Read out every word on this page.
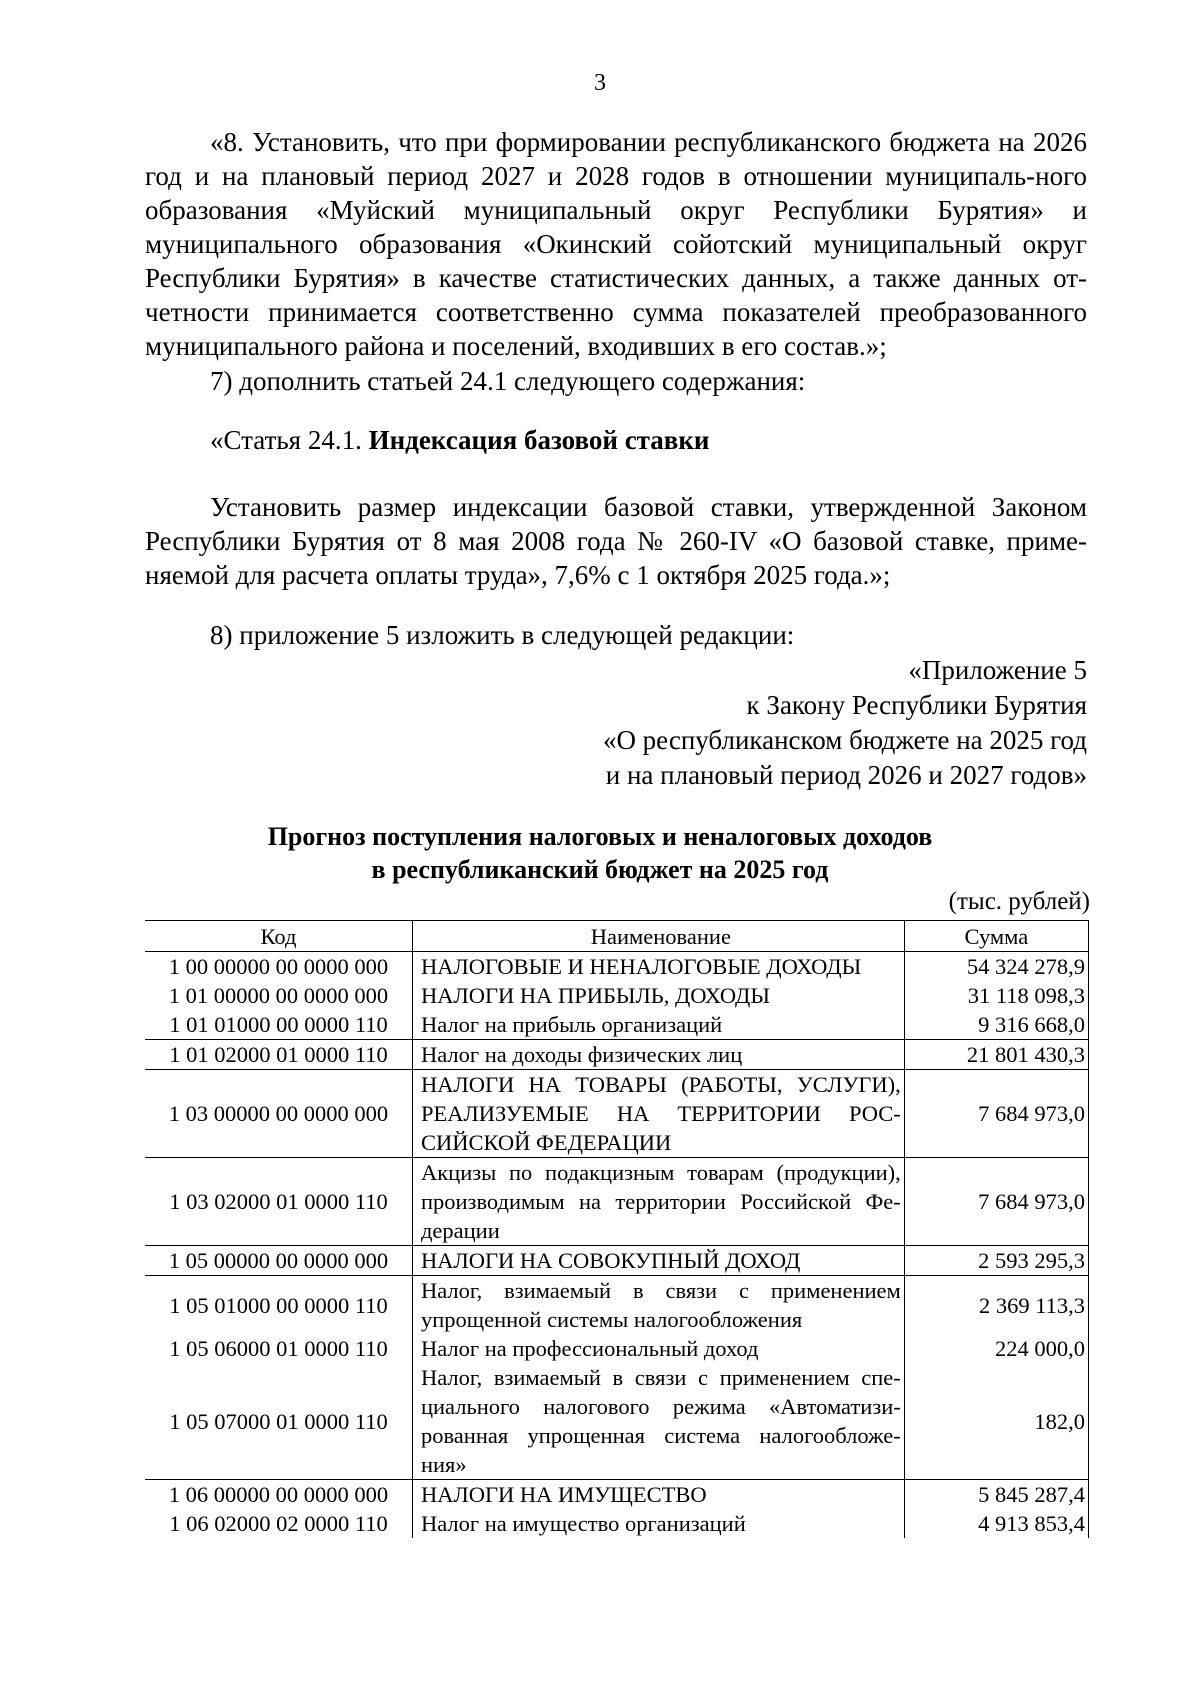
3

«8. Установить, что при формировании республиканского бюджета на 2026 год и на плановый период 2027 и 2028 годов в отношении муниципаль-ного образования «Муйский муниципальный округ Республики Бурятия» и муниципального образования «Окинский сойотский муниципальный округ Республики Бурятия» в качестве статистических данных, а также данных от-четности принимается соответственно сумма показателей преобразованного муниципального района и поселений, входивших в его состав.»;

7) дополнить статьей 24.1 следующего содержания:

«Статья 24.1. Индексация базовой ставки

Установить размер индексации базовой ставки, утвержденной Законом Республики Бурятия от 8 мая 2008 года № 260-IV «О базовой ставке, приме-няемой для расчета оплаты труда», 7,6% с 1 октября 2025 года.»;

8) приложение 5 изложить в следующей редакции:

«Приложение 5
к Закону Республики Бурятия
«О республиканском бюджете на 2025 год
и на плановый период 2026 и 2027 годов»
Прогноз поступления налоговых и неналоговых доходов
в республиканский бюджет на 2025 год
(тыс. рублей)
Код	Наименование	Сумма
1 00 00000 00 0000 000	НАЛОГОВЫЕ И НЕНАЛОГОВЫЕ ДОХОДЫ	54 324 278,9
1 01 00000 00 0000 000	НАЛОГИ НА ПРИБЫЛЬ, ДОХОДЫ	31 118 098,3
1 01 01000 00 0000 110	Налог на прибыль организаций	9 316 668,0
1 01 02000 01 0000 110	Налог на доходы физических лиц	21 801 430,3
1 03 00000 00 0000 000	НАЛОГИ НА ТОВАРЫ (РАБОТЫ, УСЛУГИ), РЕАЛИЗУЕМЫЕ НА ТЕРРИТОРИИ РОС-СИЙСКОЙ ФЕДЕРАЦИИ	7 684 973,0
1 03 02000 01 0000 110	Акцизы по подакцизным товарам (продукции), производимым на территории Российской Фе-дерации	7 684 973,0
1 05 00000 00 0000 000	НАЛОГИ НА СОВОКУПНЫЙ ДОХОД	2 593 295,3
1 05 01000 00 0000 110	Налог, взимаемый в связи с применением упрощенной системы налогообложения	2 369 113,3
1 05 06000 01 0000 110	Налог на профессиональный доход	224 000,0
1 05 07000 01 0000 110	Налог, взимаемый в связи с применением спе-циального налогового режима «Автоматизи-рованная упрощенная система налогообложе-ния»	182,0
1 06 00000 00 0000 000	НАЛОГИ НА ИМУЩЕСТВО	5 845 287,4
1 06 02000 02 0000 110	Налог на имущество организаций	4 913 853,4
